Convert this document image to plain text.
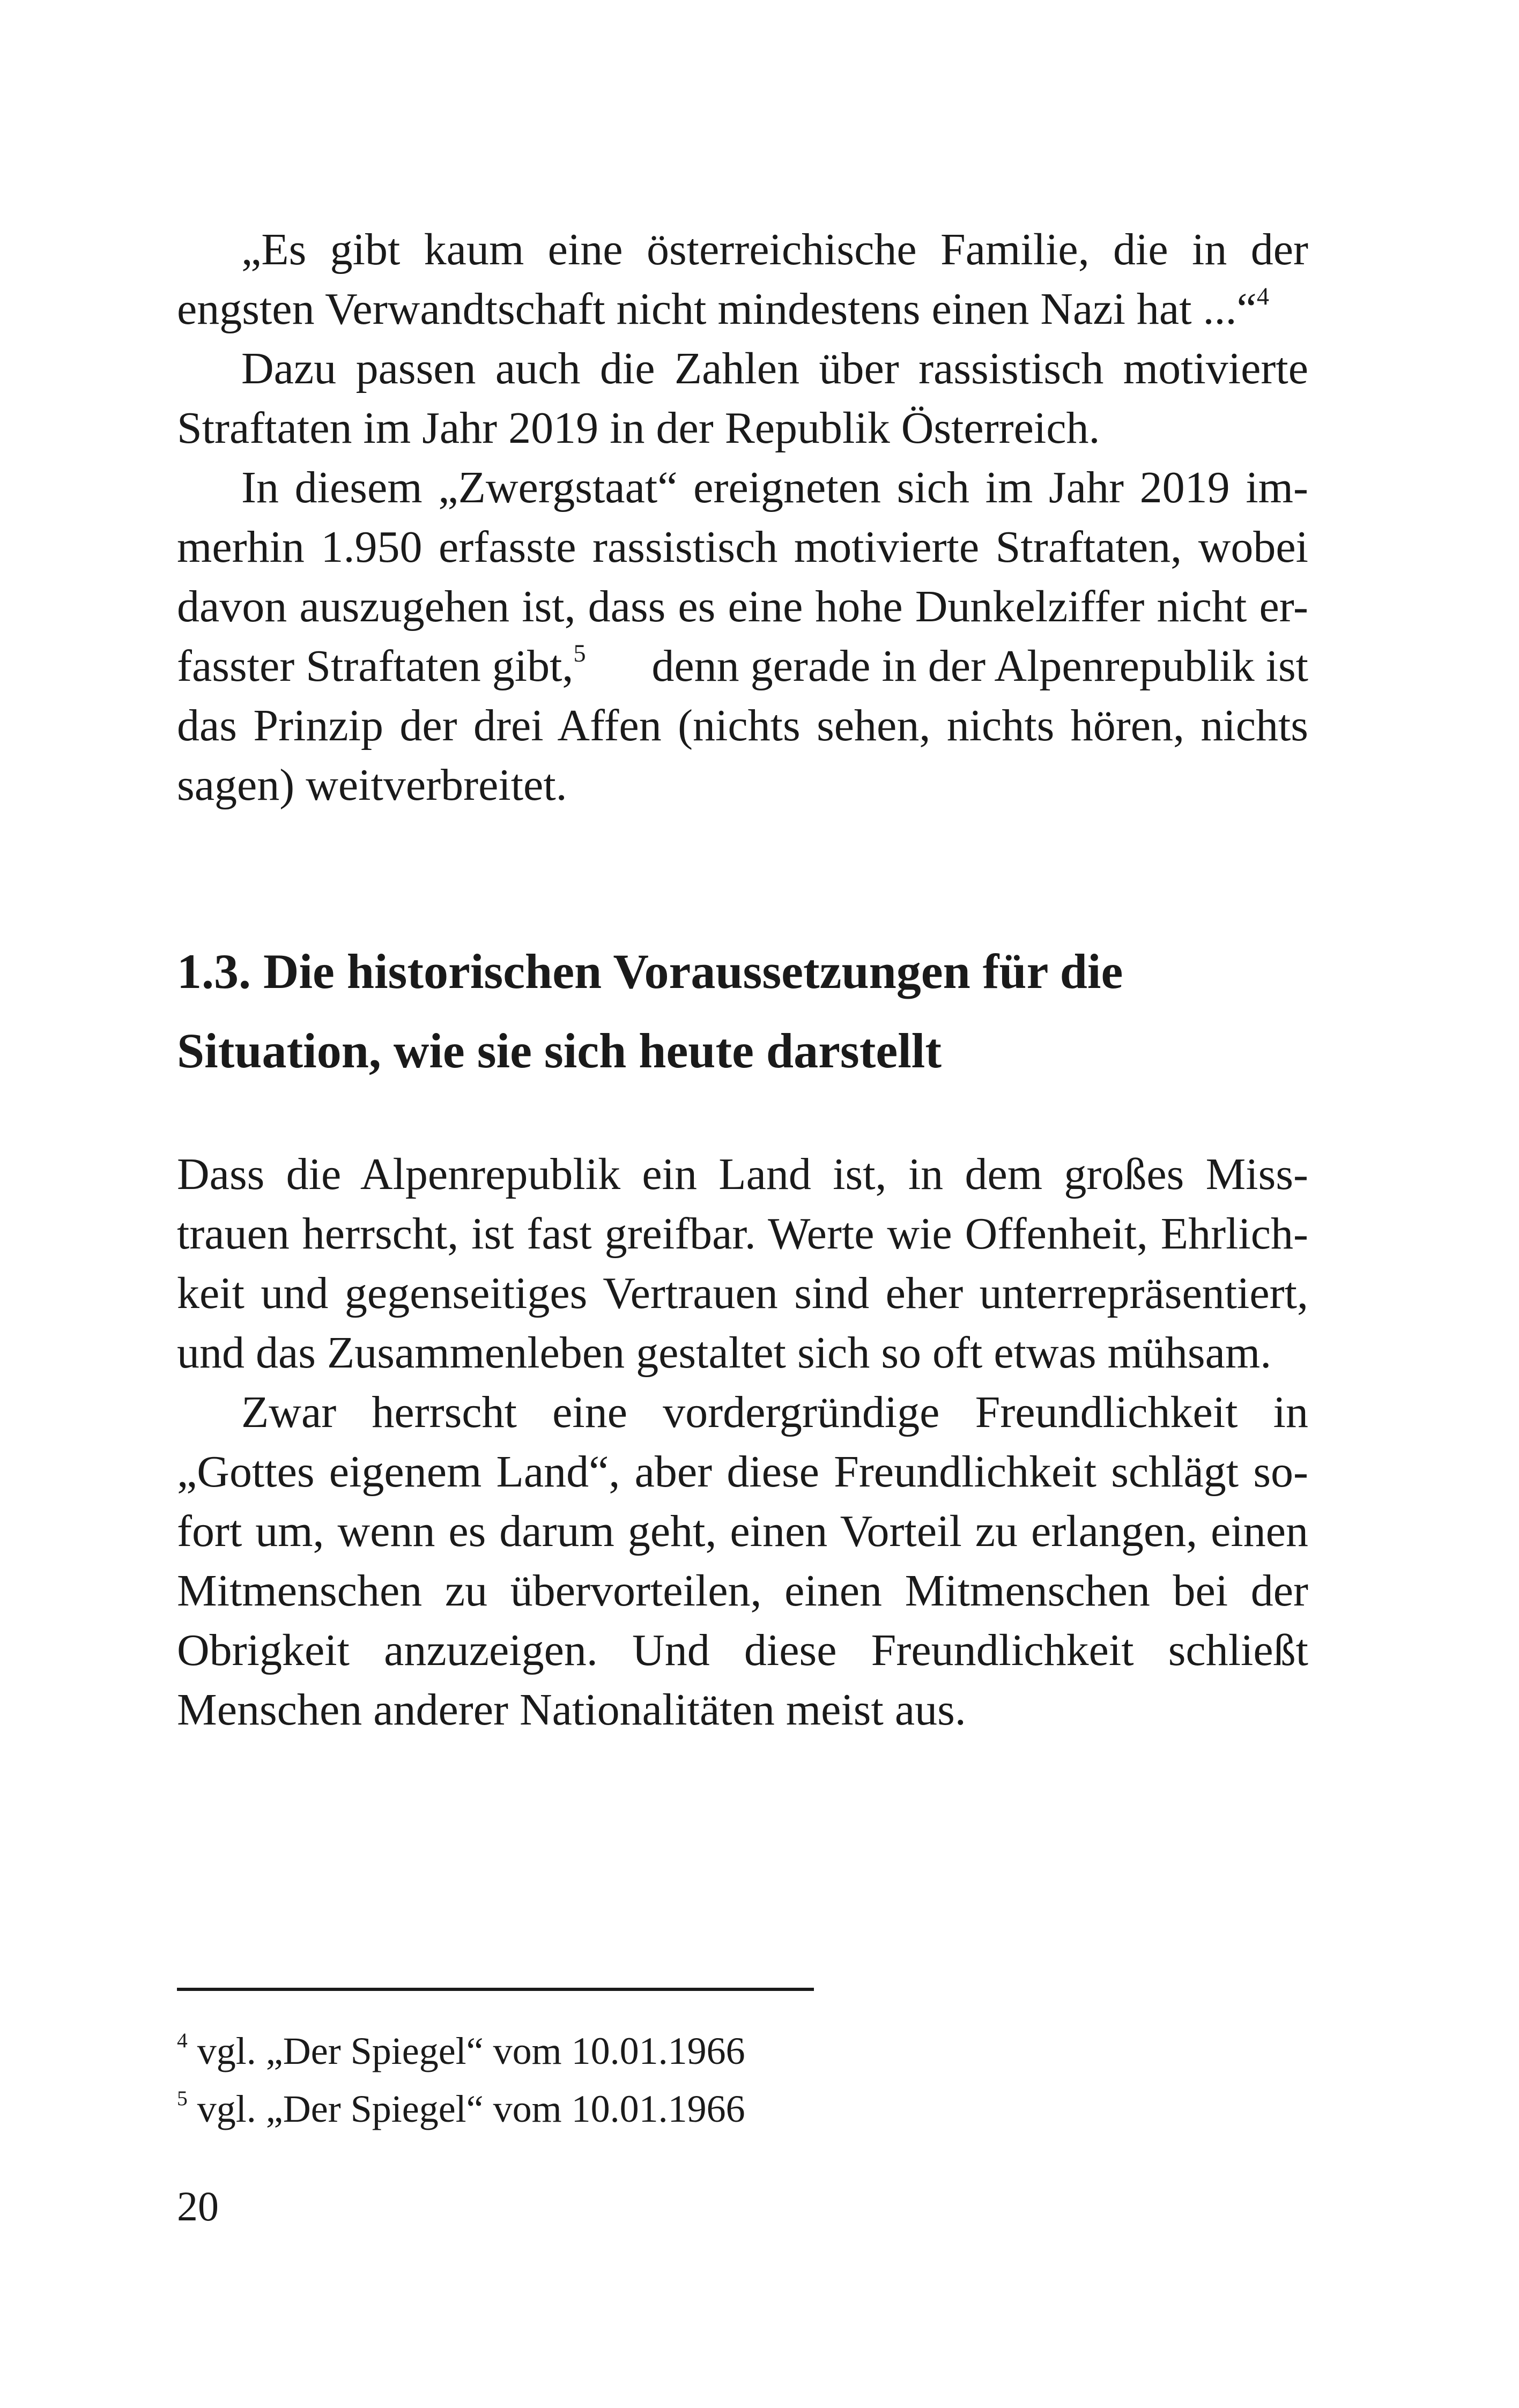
„Es gibt kaum eine österreichische Familie, die in der
engsten Verwandtschaft nicht mindestens einen Nazi hat ...“$^4$
Dazu passen auch die Zahlen über rassistisch motivierte
Straftaten im Jahr 2019 in der Republik Österreich.
In diesem „Zwergstaat“ ereigneten sich im Jahr 2019 im-
merhin 1.950 erfasste rassistisch motivierte Straftaten, wobei
davon auszugehen ist, dass es eine hohe Dunkelziffer nicht er-
fasster Straftaten gibt,$^5$ denn gerade in der Alpenrepublik ist
das Prinzip der drei Affen (nichts sehen, nichts hören, nichts
sagen) weitverbreitet.
1.3. Die historischen Voraussetzungen für die
Situation, wie sie sich heute darstellt
Dass die Alpenrepublik ein Land ist, in dem großes Miss-
trauen herrscht, ist fast greifbar. Werte wie Offenheit, Ehrlich-
keit und gegenseitiges Vertrauen sind eher unterrepräsentiert,
und das Zusammenleben gestaltet sich so oft etwas mühsam.
Zwar herrscht eine vordergründige Freundlichkeit in
„Gottes eigenem Land“, aber diese Freundlichkeit schlägt so-
fort um, wenn es darum geht, einen Vorteil zu erlangen, einen
Mitmenschen zu übervorteilen, einen Mitmenschen bei der
Obrigkeit anzuzeigen. Und diese Freundlichkeit schließt
Menschen anderer Nationalitäten meist aus.
$^4$ vgl. „Der Spiegel“ vom 10.01.1966
$^5$ vgl. „Der Spiegel“ vom 10.01.1966
20
